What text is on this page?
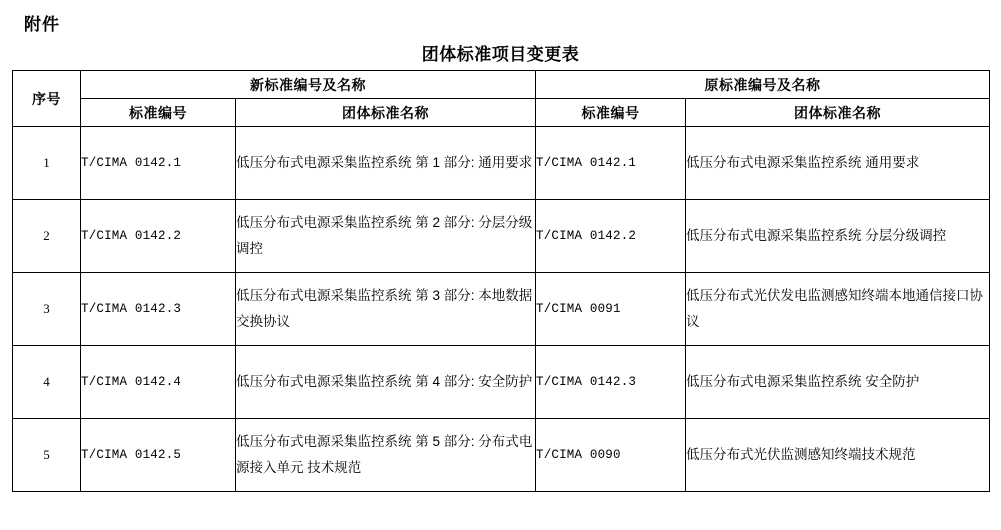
附件
团体标准项目变更表
序号	新标准编号及名称		原标准编号及名称	
	标准编号	团体标准名称	标准编号	团体标准名称
1	T/CIMA 0142.1	低压分布式电源采集监控系统 第 1 部分: 通用要求	T/CIMA 0142.1	低压分布式电源采集监控系统 通用要求
2	T/CIMA 0142.2	低压分布式电源采集监控系统 第 2 部分: 分层分级调控	T/CIMA 0142.2	低压分布式电源采集监控系统 分层分级调控
3	T/CIMA 0142.3	低压分布式电源采集监控系统 第 3 部分: 本地数据交换协议	T/CIMA 0091	低压分布式光伏发电监测感知终端本地通信接口协议
4	T/CIMA 0142.4	低压分布式电源采集监控系统 第 4 部分: 安全防护	T/CIMA 0142.3	低压分布式电源采集监控系统 安全防护
5	T/CIMA 0142.5	低压分布式电源采集监控系统 第 5 部分: 分布式电源接入单元 技术规范	T/CIMA 0090	低压分布式光伏监测感知终端技术规范
